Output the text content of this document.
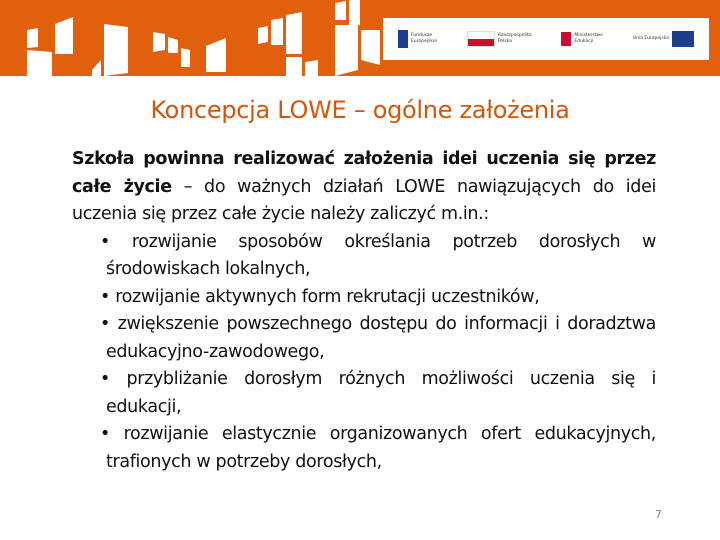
Fundusze
Europejskie
Rzeczpospolita
Polska
Ministerstwo
Edukacji
Unia Europejska
Koncepcja LOWE – ogólne założenia
Szkoła powinna realizować założenia idei uczenia się przez całe życie – do ważnych działań LOWE nawiązujących do idei uczenia się przez całe życie należy zaliczyć m.in.:
• rozwijanie sposobów określania potrzeb dorosłych w środowiskach lokalnych,
• rozwijanie aktywnych form rekrutacji uczestników,
• zwiększenie powszechnego dostępu do informacji i doradztwa edukacyjno-zawodowego,
• przybliżanie dorosłym różnych możliwości uczenia się i edukacji,
• rozwijanie elastycznie organizowanych ofert edukacyjnych, trafionych w potrzeby dorosłych,
7
